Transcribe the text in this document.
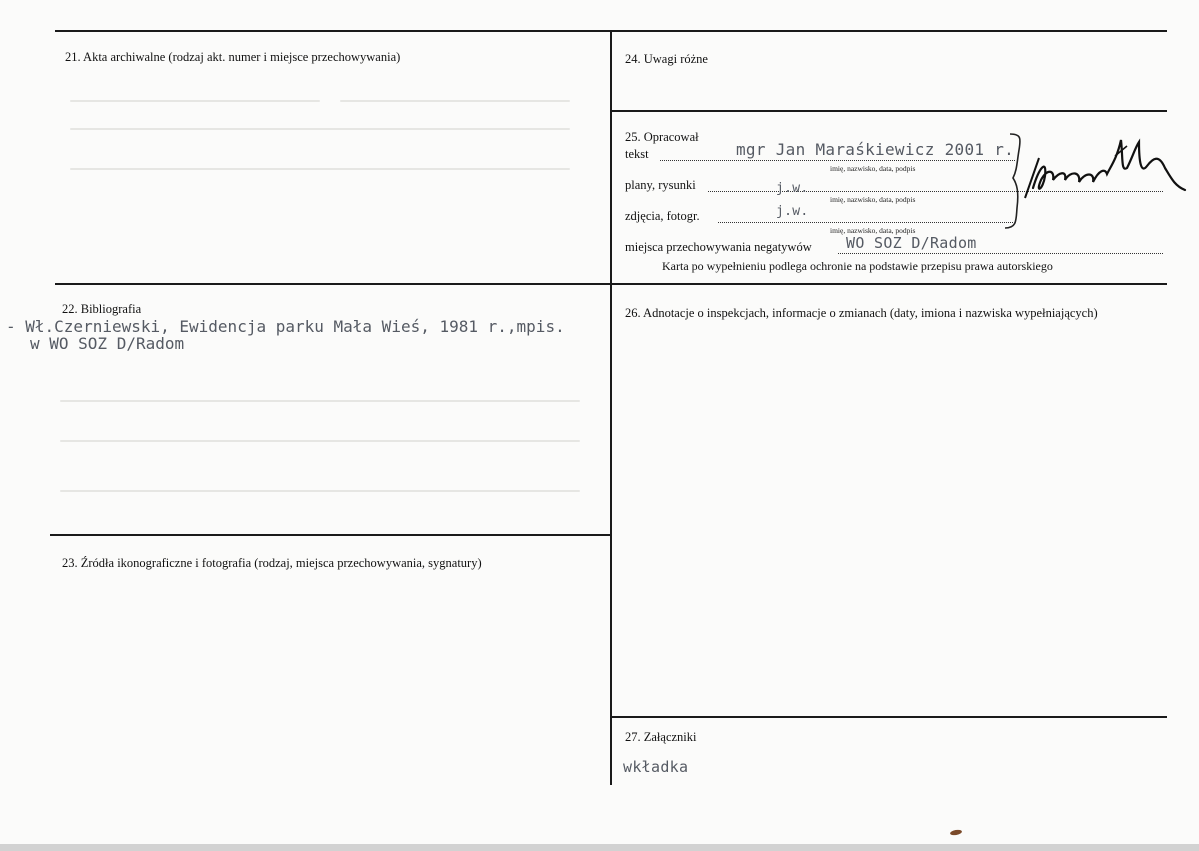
21. Akta archiwalne (rodzaj akt. numer i miejsce przechowywania)	24. Uwagi różne
25. Opracował
tekst	mgr Jan Maraśkiewicz 2001 r.
imię, nazwisko, data, podpis
plany, rysunki	j.w.
imię, nazwisko, data, podpis
zdjęcia, fotogr.	j.w.
imię, nazwisko, data, podpis
miejsca przechowywania negatywów WO SOZ D/Radom
Karta po wypełnieniu podlega ochronie na podstawie przepisu prawa autorskiego
22. Bibliografia
- Wł.Czerniewski, Ewidencja parku Mała Wieś, 1981 r.,mpis.
w WO SOZ D/Radom
23. Źródła ikonograficzne i fotografia (rodzaj, miejsca przechowywania, sygnatury)
26. Adnotacje o inspekcjach, informacje o zmianach (daty, imiona i nazwiska wypełniających)
27. Załączniki
wkładka
